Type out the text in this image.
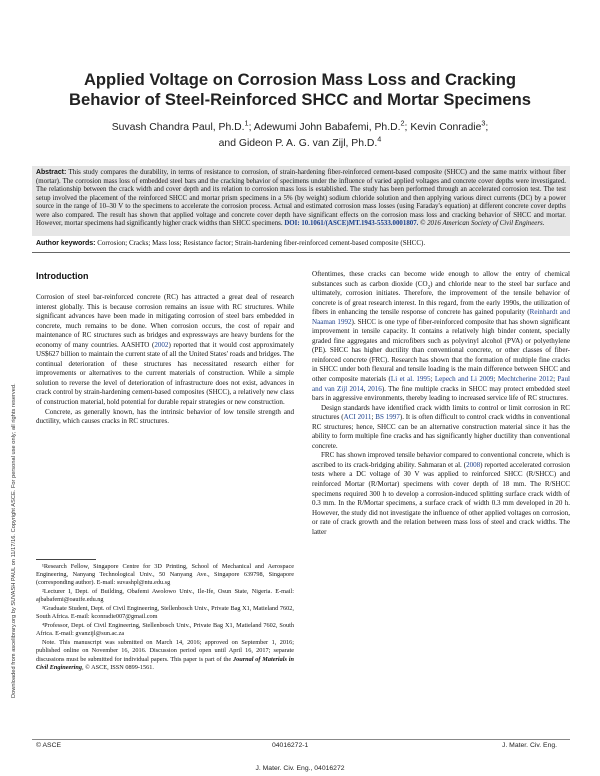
Downloaded from ascelibrary.org by SUVASH PAUL on 11/17/16. Copyright ASCE. For personal use only; all rights reserved.
Applied Voltage on Corrosion Mass Loss and Cracking
Behavior of Steel-Reinforced SHCC and Mortar Specimens
Suvash Chandra Paul, Ph.D.$^1$; Adewumi John Babafemi, Ph.D.$^2$; Kevin Conradie$^3$;
and Gideon P. A. G. van Zijl, Ph.D.$^4$
Abstract: This study compares the durability, in terms of resistance to corrosion, of strain-hardening fiber-reinforced cement-based composite (SHCC) and the same matrix without fiber (mortar). The corrosion mass loss of embedded steel bars and the cracking behavior of specimens under the influence of varied applied voltages and concrete cover depths were investigated. The relationship between the crack width and cover depth and its relation to corrosion mass loss is established. The study has been performed through an accelerated corrosion test. The test setup involved the placement of the reinforced SHCC and mortar prism specimens in a 5% (by weight) sodium chloride solution and then applying various direct currents (DC) by a power source in the range of 10–30 V to the specimens to accelerate the corrosion process. Actual and estimated corrosion mass losses (using Faraday's equation) at different concrete cover depths were also compared. The result has shown that applied voltage and concrete cover depth have significant effects on the corrosion mass loss and cracking behavior of SHCC and mortar. However, mortar specimens had significantly higher crack widths than SHCC specimens. DOI: 10.1061/(ASCE)MT.1943-5533.0001807. © 2016 American Society of Civil Engineers.
Author keywords: Corrosion; Cracks; Mass loss; Resistance factor; Strain-hardening fiber-reinforced cement-based composite (SHCC).
Introduction

Corrosion of steel bar-reinforced concrete (RC) has attracted a great deal of research interest globally. This is because corrosion remains an issue with RC structures. While significant advances have been made in mitigating corrosion of steel bars embedded in concrete, much remains to be done. When corrosion occurs, the cost of repair and maintenance of RC structures such as bridges and expressways are heavy burdens for the economy of many countries. AASHTO (2002) reported that it would cost approximately US$627 billion to maintain the current state of all the United States' roads and bridges. The continual deterioration of these structures has necessitated research either for improvements or alternatives to the current materials of construction. While a simple solution to reverse the level of deterioration of infrastructure does not exist, advances in crack control by strain-hardening cement-based composites (SHCC), a relatively new class of construction material, hold potential for durable repair strategies or new construction.

Concrete, as generally known, has the intrinsic behavior of low tensile strength and ductility, which causes cracks in RC structures.

¹Research Fellow, Singapore Centre for 3D Printing, School of Mechanical and Aerospace Engineering, Nanyang Technological Univ., 50 Nanyang Ave., Singapore 639798, Singapore (corresponding author). E-mail: suvashpl@ntu.edu.sg

²Lecturer I, Dept. of Building, Obafemi Awolowo Univ., Ile-Ife, Osun State, Nigeria. E-mail: ajbabafemi@oauife.edu.ng

³Graduate Student, Dept. of Civil Engineering, Stellenbosch Univ., Private Bag X1, Matieland 7602, South Africa. E-mail: kconradie007@gmail.com

⁴Professor, Dept. of Civil Engineering, Stellenbosch Univ., Private Bag X1, Matieland 7602, South Africa. E-mail: gvanzijl@sun.ac.za

Note. This manuscript was submitted on March 14, 2016; approved on September 1, 2016; published online on November 16, 2016. Discussion period open until April 16, 2017; separate discussions must be submitted for individual papers. This paper is part of the Journal of Materials in Civil Engineering, © ASCE, ISSN 0899-1561.

Oftentimes, these cracks can become wide enough to allow the entry of chemical substances such as carbon dioxide $(CO_2)$ and chloride near to the steel bar surface and ultimately, corrosion initiates. Therefore, the improvement of the tensile behavior of concrete is of great research interest. In this regard, from the early 1990s, the utilization of fibers in enhancing the tensile response of concrete has gained popularity (Reinhardt and Naaman 1992). SHCC is one type of fiber-reinforced composite that has shown significant improvement in tensile capacity. It contains a relatively high binder content, specially graded fine aggregates and microfibers such as polyvinyl alcohol (PVA) or polyethylene (PE). SHCC has higher ductility than conventional concrete, or other classes of fiber-reinforced concrete (FRC). Research has shown that the formation of multiple fine cracks in SHCC under both flexural and tensile loading is the main difference between SHCC and other composite materials (Li et al. 1995; Lepech and Li 2009; Mechtcherine 2012; Paul and van Zijl 2014, 2016). The fine multiple cracks in SHCC may protect embedded steel bars in aggressive environments, thereby leading to increased service life of RC structures.

Design standards have identified crack width limits to control or limit corrosion in RC structures (ACI 2011; BS 1997). It is often difficult to control crack widths in conventional RC structures; hence, SHCC can be an alternative construction material since it has the ability to form multiple fine cracks and has significantly higher ductility than conventional concrete.

FRC has shown improved tensile behavior compared to conventional concrete, which is ascribed to its crack-bridging ability. Sahmaran et al. (2008) reported accelerated corrosion tests where a DC voltage of 30 V was applied to reinforced SHCC (R/SHCC) and reinforced Mortar (R/Mortar) specimens with cover depth of 18 mm. The R/SHCC specimens required 300 h to develop a corrosion-induced splitting surface crack width of 0.3 mm. In the R/Mortar specimens, a surface crack of width 0.3 mm developed in 20 h. However, the study did not investigate the influence of other applied voltages on corrosion, or rate of crack growth and the relation between mass loss of steel and crack widths. The latter

© ASCE	04016272-1	J. Mater. Civ. Eng.
J. Mater. Civ. Eng., 04016272
